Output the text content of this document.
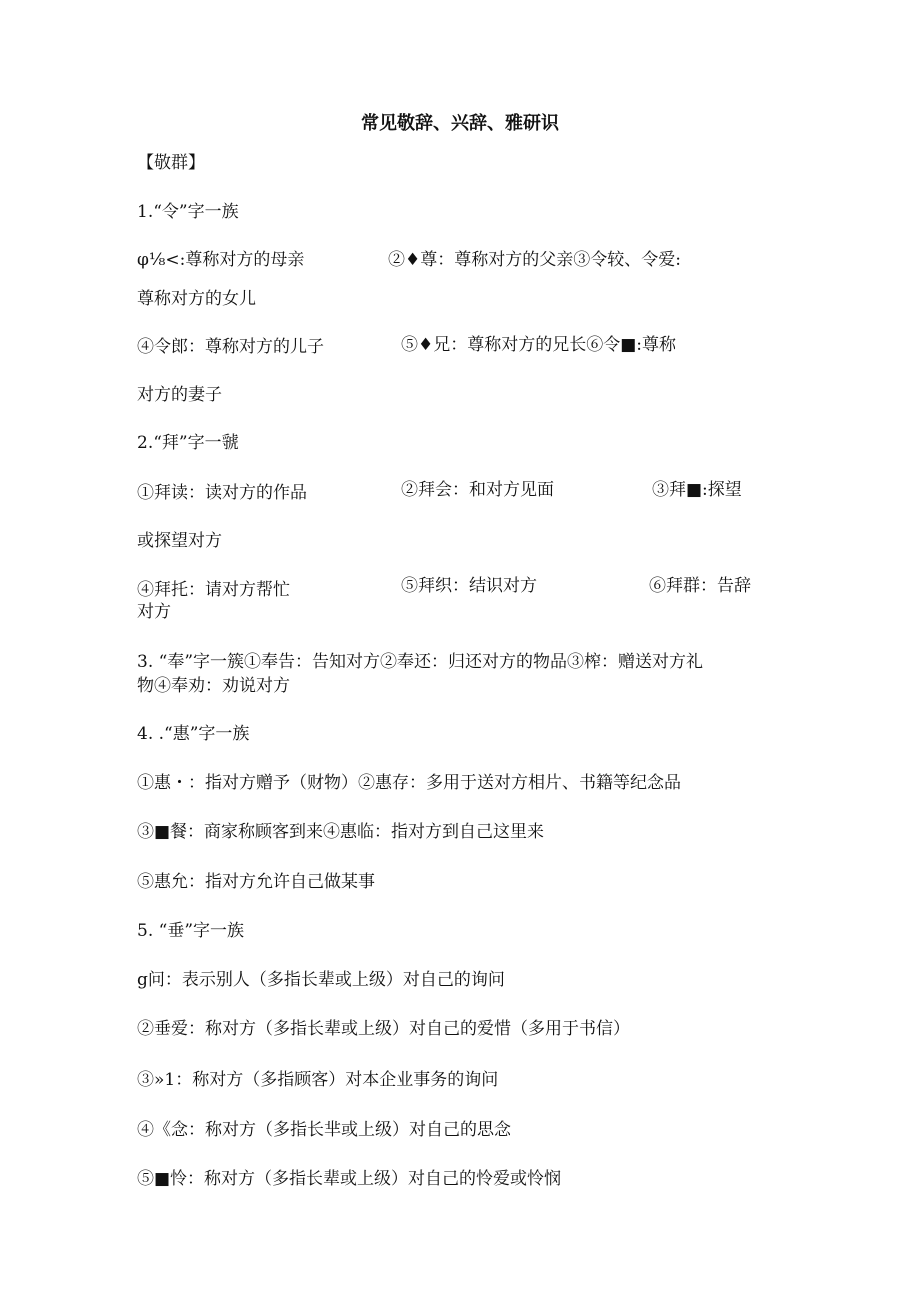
常见敬辞、兴辞、雅研识
【敬群】
1.“令”字一族
φ⅛<:尊称对方的母亲	②♦尊：尊称对方的父亲③令较、令爱:
尊称对方的女儿
④令郎：尊称对方的儿子	⑤♦兄：尊称对方的兄长⑥令■:尊称
对方的妻子
2.“拜”字一虢
①拜读：读对方的作品	②拜会：和对方见面	③拜■:探望
或探望对方
④拜托：请对方帮忙	⑤拜织：结识对方	⑥拜群：告辞
对方
3. “奉”字一簇①奉告：告知对方②奉还：归还对方的物品③榨：赠送对方礼
物④奉劝：劝说对方
4. .“惠”字一族
①惠・：指对方赠予（财物）②惠存：多用于送对方相片、书籍等纪念品
③■餐：商家称顾客到来④惠临：指对方到自己这里来
⑤惠允：指对方允许自己做某事
5. “垂”字一族
g问：表示别人（多指长辈或上级）对自己的询问
②垂爱：称对方（多指长辈或上级）对自己的爱惜（多用于书信）
③»1：称对方（多指顾客）对本企业事务的询问
④《念：称对方（多指长芈或上级）对自己的思念
⑤■怜：称对方（多指长辈或上级）对自己的怜爱或怜悯
